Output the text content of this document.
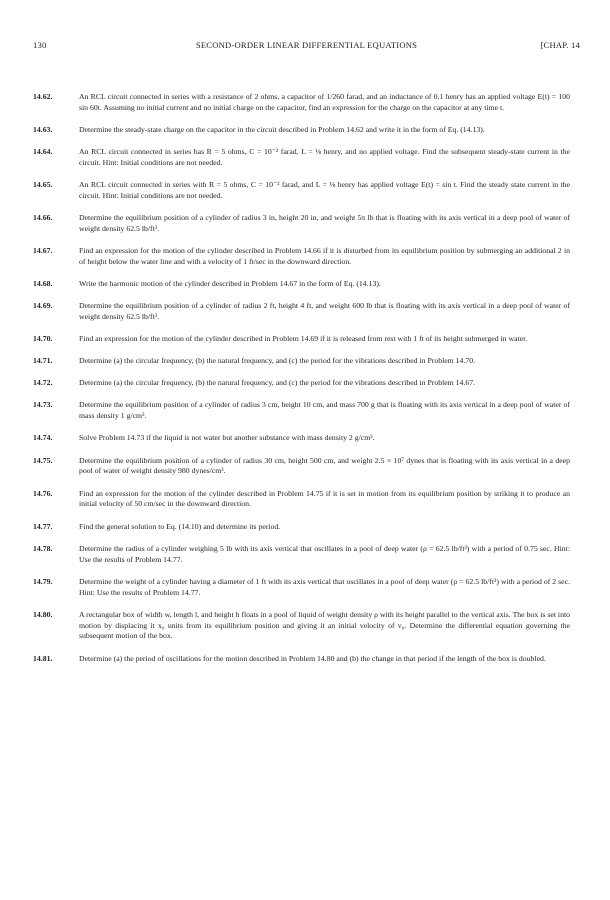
130	SECOND-ORDER LINEAR DIFFERENTIAL EQUATIONS	[CHAP. 14
14.62.	An RCL circuit connected in series with a resistance of 2 ohms, a capacitor of 1/260 farad, and an inductance of 0.1 henry has an applied voltage E(t) = 100 sin 60t. Assuming no initial current and no initial charge on the capacitor, find an expression for the charge on the capacitor at any time t.
14.63.	Determine the steady-state charge on the capacitor in the circuit described in Problem 14.62 and write it in the form of Eq. (14.13).
14.64.	An RCL circuit connected in series has R = 5 ohms, C = 10⁻² farad, L = ⅛ henry, and no applied voltage. Find the subsequent steady-state current in the circuit. Hint: Initial conditions are not needed.
14.65.	An RCL circuit connected in series with R = 5 ohms, C = 10⁻² farad, and L = ⅛ henry has applied voltage E(t) = sin t. Find the steady state current in the circuit. Hint: Initial conditions are not needed.
14.66.	Determine the equilibrium position of a cylinder of radius 3 in, height 20 in, and weight 5π lb that is floating with its axis vertical in a deep pool of water of weight density 62.5 lb/ft³.
14.67.	Find an expression for the motion of the cylinder described in Problem 14.66 if it is disturbed from its equilibrium position by submerging an additional 2 in of height below the water line and with a velocity of 1 ft/sec in the downward direction.
14.68.	Write the harmonic motion of the cylinder described in Problem 14.67 in the form of Eq. (14.13).
14.69.	Determine the equilibrium position of a cylinder of radius 2 ft, height 4 ft, and weight 600 lb that is floating with its axis vertical in a deep pool of water of weight density 62.5 lb/ft³.
14.70.	Find an expression for the motion of the cylinder described in Problem 14.69 if it is released from rest with 1 ft of its height submerged in water.
14.71.	Determine (a) the circular frequency, (b) the natural frequency, and (c) the period for the vibrations described in Problem 14.70.
14.72.	Determine (a) the circular frequency, (b) the natural frequency, and (c) the period for the vibrations described in Problem 14.67.
14.73.	Determine the equilibrium position of a cylinder of radius 3 cm, height 10 cm, and mass 700 g that is floating with its axis vertical in a deep pool of water of mass density 1 g/cm³.
14.74.	Solve Problem 14.73 if the liquid is not water but another substance with mass density 2 g/cm³.
14.75.	Determine the equilibrium position of a cylinder of radius 30 cm, height 500 cm, and weight 2.5 × 10⁷ dynes that is floating with its axis vertical in a deep pool of water of weight density 980 dynes/cm³.
14.76.	Find an expression for the motion of the cylinder described in Problem 14.75 if it is set in motion from its equilibrium position by striking it to produce an initial velocity of 50 cm/sec in the downward direction.
14.77.	Find the general solution to Eq. (14.10) and determine its period.
14.78.	Determine the radius of a cylinder weighing 5 lb with its axis vertical that oscillates in a pool of deep water (ρ = 62.5 lb/ft³) with a period of 0.75 sec. Hint: Use the results of Problem 14.77.
14.79.	Determine the weight of a cylinder having a diameter of 1 ft with its axis vertical that oscillates in a pool of deep water (ρ = 62.5 lb/ft³) with a period of 2 sec. Hint: Use the results of Problem 14.77.
14.80.	A rectangular box of width w, length l, and height h floats in a pool of liquid of weight density ρ with its height parallel to the vertical axis. The box is set into motion by displacing it x₀ units from its equilibrium position and giving it an initial velocity of v₀. Determine the differential equation governing the subsequent motion of the box.
14.81.	Determine (a) the period of oscillations for the motion described in Problem 14.80 and (b) the change in that period if the length of the box is doubled.
